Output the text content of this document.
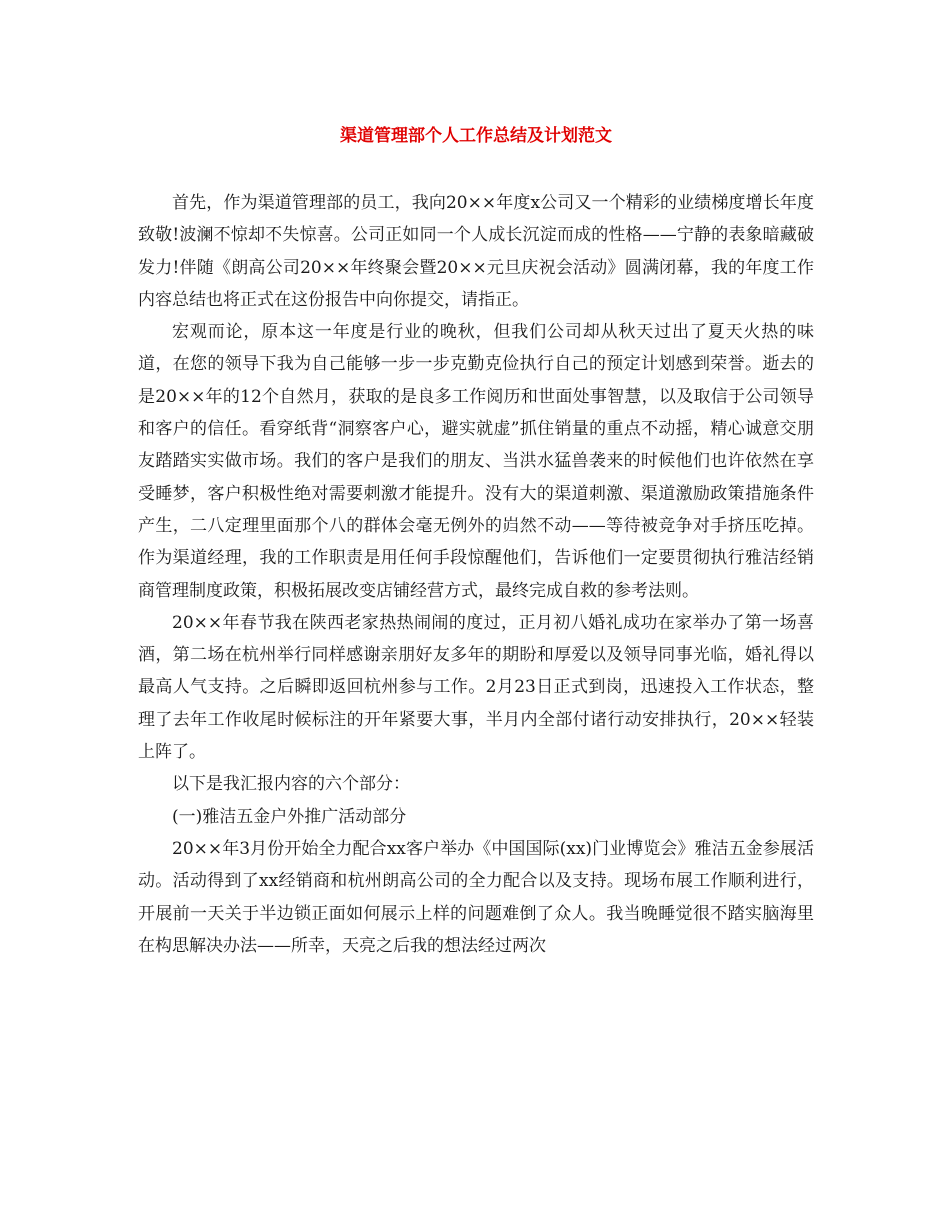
渠道管理部个人工作总结及计划范文

首先，作为渠道管理部的员工，我向20××年度x公司又一个精彩的业绩梯度增长年度致敬!波澜不惊却不失惊喜。公司正如同一个人成长沉淀而成的性格——宁静的表象暗藏破发力!伴随《朗高公司20××年终聚会暨20××元旦庆祝会活动》圆满闭幕，我的年度工作内容总结也将正式在这份报告中向你提交，请指正。

宏观而论，原本这一年度是行业的晚秋，但我们公司却从秋天过出了夏天火热的味道，在您的领导下我为自己能够一步一步克勤克俭执行自己的预定计划感到荣誉。逝去的是20××年的12个自然月，获取的是良多工作阅历和世面处事智慧，以及取信于公司领导和客户的信任。看穿纸背“洞察客户心，避实就虚”抓住销量的重点不动摇，精心诚意交朋友踏踏实实做市场。我们的客户是我们的朋友、当洪水猛兽袭来的时候他们也许依然在享受睡梦，客户积极性绝对需要刺激才能提升。没有大的渠道刺激、渠道激励政策措施条件产生，二八定理里面那个八的群体会毫无例外的岿然不动——等待被竞争对手挤压吃掉。作为渠道经理，我的工作职责是用任何手段惊醒他们，告诉他们一定要贯彻执行雅洁经销商管理制度政策，积极拓展改变店铺经营方式，最终完成自救的参考法则。

20××年春节我在陕西老家热热闹闹的度过，正月初八婚礼成功在家举办了第一场喜酒，第二场在杭州举行同样感谢亲朋好友多年的期盼和厚爱以及领导同事光临，婚礼得以最高人气支持。之后瞬即返回杭州参与工作。2月23日正式到岗，迅速投入工作状态，整理了去年工作收尾时候标注的开年紧要大事，半月内全部付诸行动安排执行，20××轻装上阵了。

以下是我汇报内容的六个部分：

(一)雅洁五金户外推广活动部分

20××年3月份开始全力配合xx客户举办《中国国际(xx)门业博览会》雅洁五金参展活动。活动得到了xx经销商和杭州朗高公司的全力配合以及支持。现场布展工作顺利进行，开展前一天关于半边锁正面如何展示上样的问题难倒了众人。我当晚睡觉很不踏实脑海里在构思解决办法——所幸，天亮之后我的想法经过两次
